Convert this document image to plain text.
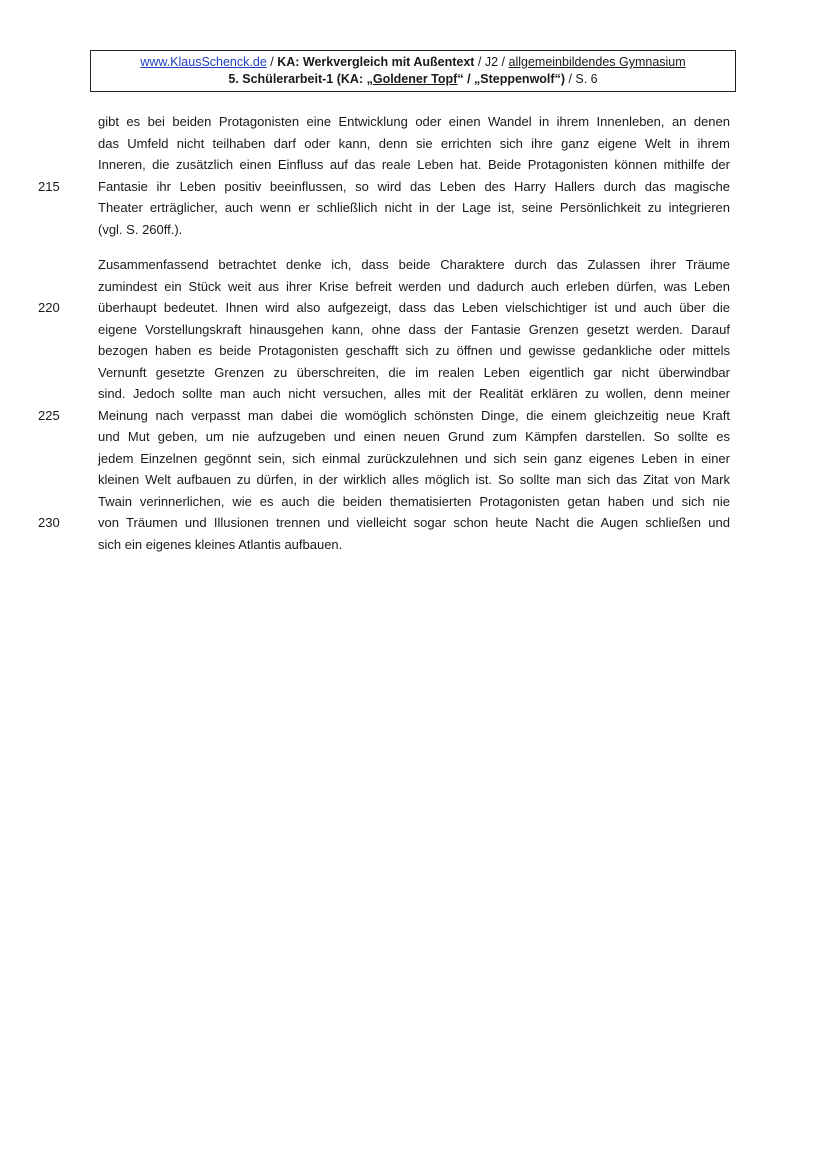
www.KlausSchenck.de / KA: Werkvergleich mit Außentext / J2 / allgemeinbildendes Gymnasium
5. Schülerarbeit-1 (KA: „Goldener Topf“ / „Steppenwolf“) / S. 6
gibt es bei beiden Protagonisten eine Entwicklung oder einen Wandel in ihrem Innenleben, an denen
das Umfeld nicht teilhaben darf oder kann, denn sie errichten sich ihre ganz eigene Welt in ihrem
Inneren, die zusätzlich einen Einfluss auf das reale Leben hat. Beide Protagonisten können mithilfe der
215	Fantasie ihr Leben positiv beeinflussen, so wird das Leben des Harry Hallers durch das magische
Theater erträglicher, auch wenn er schließlich nicht in der Lage ist, seine Persönlichkeit zu integrieren
(vgl. S. 260ff.).
Zusammenfassend betrachtet denke ich, dass beide Charaktere durch das Zulassen ihrer Träume
zumindest ein Stück weit aus ihrer Krise befreit werden und dadurch auch erleben dürfen, was Leben
220	überhaupt bedeutet. Ihnen wird also aufgezeigt, dass das Leben vielschichtiger ist und auch über die
eigene Vorstellungskraft hinausgehen kann, ohne dass der Fantasie Grenzen gesetzt werden. Darauf
bezogen haben es beide Protagonisten geschafft sich zu öffnen und gewisse gedankliche oder mittels
Vernunft gesetzte Grenzen zu überschreiten, die im realen Leben eigentlich gar nicht überwindbar
sind. Jedoch sollte man auch nicht versuchen, alles mit der Realität erklären zu wollen, denn meiner
225	Meinung nach verpasst man dabei die womöglich schönsten Dinge, die einem gleichzeitig neue Kraft
und Mut geben, um nie aufzugeben und einen neuen Grund zum Kämpfen darstellen. So sollte es
jedem Einzelnen gegönnt sein, sich einmal zurückzulehnen und sich sein ganz eigenes Leben in einer
kleinen Welt aufbauen zu dürfen, in der wirklich alles möglich ist. So sollte man sich das Zitat von Mark
Twain verinnerlichen, wie es auch die beiden thematisierten Protagonisten getan haben und sich nie
230	von Träumen und Illusionen trennen und vielleicht sogar schon heute Nacht die Augen schließen und
sich ein eigenes kleines Atlantis aufbauen.
